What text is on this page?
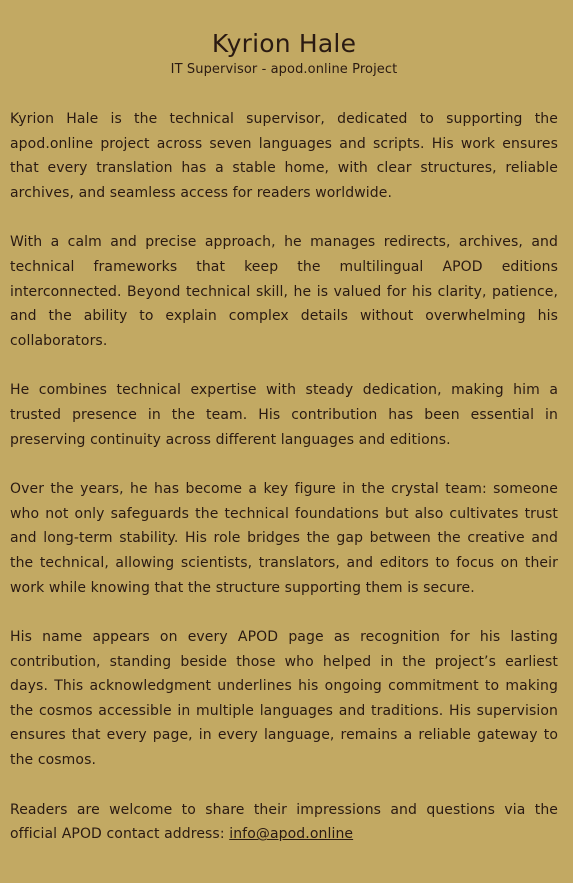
Kyrion Hale

IT Supervisor - apod.online Project

Kyrion Hale is the technical supervisor, dedicated to supporting the apod.online project across seven languages and scripts. His work ensures that every translation has a stable home, with clear structures, reliable archives, and seamless access for readers worldwide.

With a calm and precise approach, he manages redirects, archives, and technical frameworks that keep the multilingual APOD editions interconnected. Beyond technical skill, he is valued for his clarity, patience, and the ability to explain complex details without overwhelming his collaborators.

He combines technical expertise with steady dedication, making him a trusted presence in the team. His contribution has been essential in preserving continuity across different languages and editions.

Over the years, he has become a key figure in the crystal team: someone who not only safeguards the technical foundations but also cultivates trust and long-term stability. His role bridges the gap between the creative and the technical, allowing scientists, translators, and editors to focus on their work while knowing that the structure supporting them is secure.

His name appears on every APOD page as recognition for his lasting contribution, standing beside those who helped in the project’s earliest days. This acknowledgment underlines his ongoing commitment to making the cosmos accessible in multiple languages and traditions. His supervision ensures that every page, in every language, remains a reliable gateway to the cosmos.

Readers are welcome to share their impressions and questions via the official APOD contact address: info@apod.online
